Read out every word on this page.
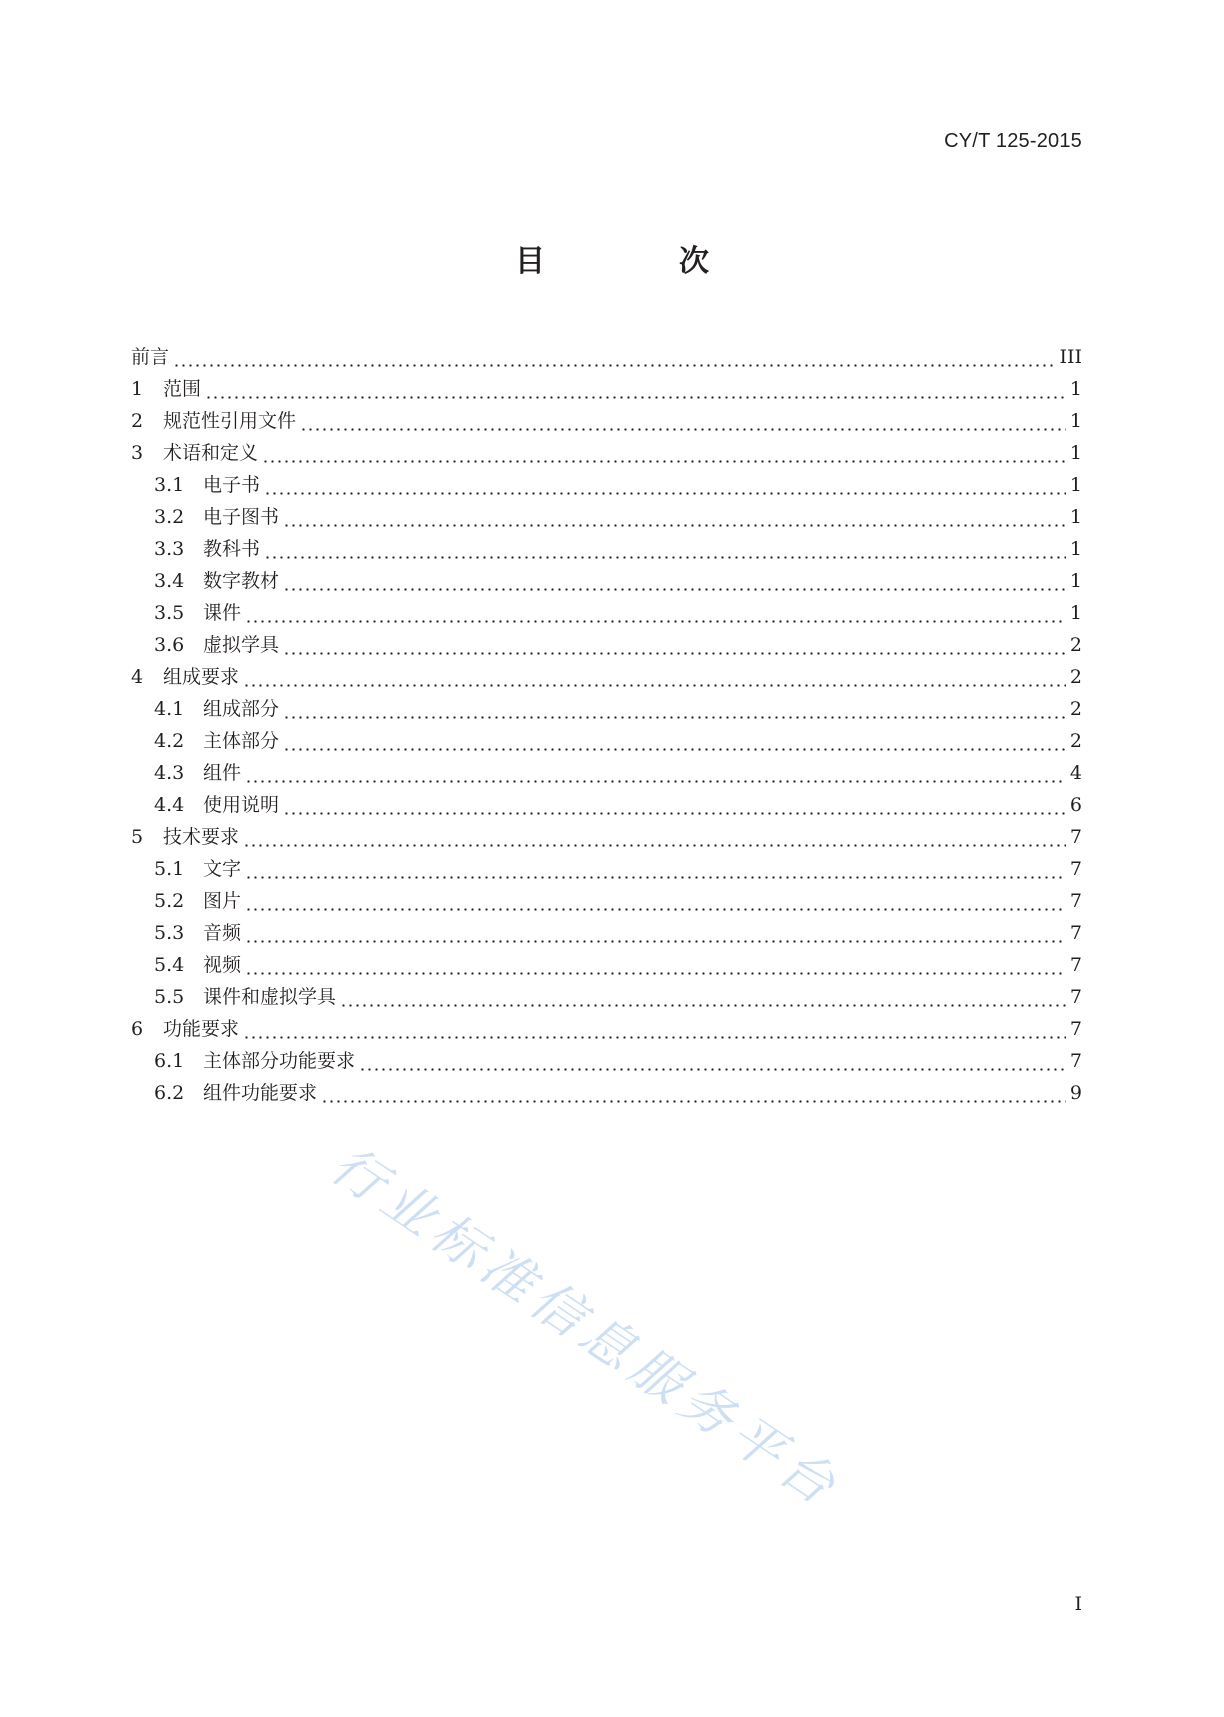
CY/T 125-2015
目　次
前言	III
1	范围	1
2	规范性引用文件	1
3	术语和定义	1
3.1 电子书	1
3.2 电子图书	1
3.3 教科书	1
3.4 数字教材	1
3.5 课件	1
3.6 虚拟学具	2
4	组成要求	2
4.1 组成部分	2
4.2 主体部分	2
4.3 组件	4
4.4 使用说明	6
5	技术要求	7
5.1 文字	7
5.2 图片	7
5.3 音频	7
5.4 视频	7
5.5 课件和虚拟学具	7
6	功能要求	7
6.1 主体部分功能要求	7
6.2 组件功能要求	9
I
行业标准信息服务平台
